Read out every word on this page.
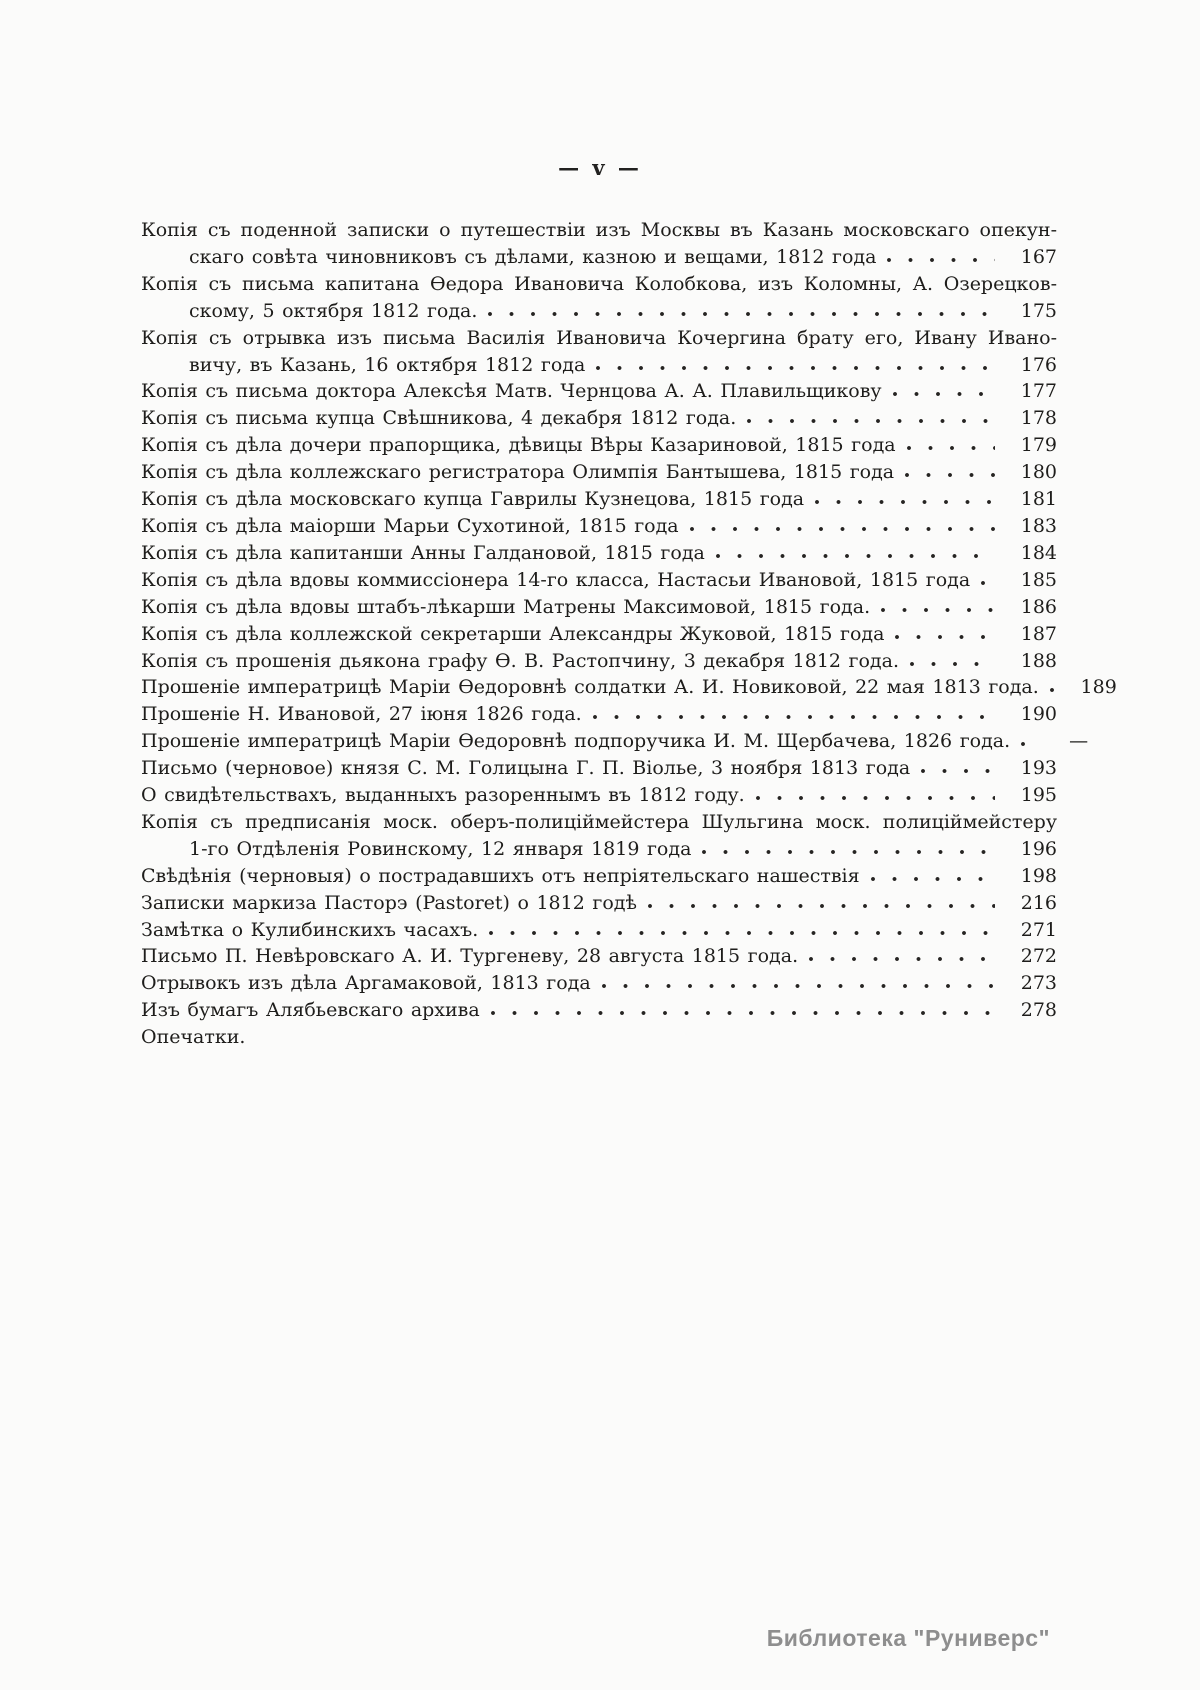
— v —
Копія съ поденной записки о путешествіи изъ Москвы въ Казань московскаго опекун-
скаго совѣта чиновниковъ съ дѣлами, казною и вещами, 1812 года	167
Копія съ письма капитана Ѳедора Ивановича Колобкова, изъ Коломны, А. Озерецков-
скому, 5 октября 1812 года.	175
Копія съ отрывка изъ письма Василія Ивановича Кочергина брату его, Ивану Ивано-
вичу, въ Казань, 16 октября 1812 года	176
Копія съ письма доктора Алексѣя Матв. Чернцова А. А. Плавильщикову	177
Копія съ письма купца Свѣшникова, 4 декабря 1812 года.	178
Копія съ дѣла дочери прапорщика, дѣвицы Вѣры Казариновой, 1815 года	179
Копія съ дѣла коллежскаго регистратора Олимпія Бантышева, 1815 года	180
Копія съ дѣла московскаго купца Гаврилы Кузнецова, 1815 года	181
Копія съ дѣла маіорши Марьи Сухотиной, 1815 года	183
Копія съ дѣла капитанши Анны Галдановой, 1815 года	184
Копія съ дѣла вдовы коммиссіонера 14-го класса, Настасьи Ивановой, 1815 года	185
Копія съ дѣла вдовы штабъ-лѣкарши Матрены Максимовой, 1815 года.	186
Копія съ дѣла коллежской секретарши Александры Жуковой, 1815 года	187
Копія съ прошенія дьякона графу Ѳ. В. Растопчину, 3 декабря 1812 года.	188
Прошеніе императрицѣ Маріи Ѳедоровнѣ солдатки А. И. Новиковой, 22 мая 1813 года.	189
Прошеніе Н. Ивановой, 27 іюня 1826 года.	190
Прошеніе императрицѣ Маріи Ѳедоровнѣ подпоручика И. М. Щербачева, 1826 года.	—
Письмо (черновое) князя С. М. Голицына Г. П. Віолье, 3 ноября 1813 года	193
О свидѣтельствахъ, выданныхъ разореннымъ въ 1812 году.	195
Копія съ предписанія моск. оберъ-полиціймейстера Шульгина моск. полиціймейстеру
1-го Отдѣленія Ровинскому, 12 января 1819 года	196
Свѣдѣнія (черновыя) о пострадавшихъ отъ непріятельскаго нашествія	198
Записки маркиза Пасторэ (Pastoret) о 1812 годѣ	216
Замѣтка о Кулибинскихъ часахъ.	271
Письмо П. Невѣровскаго А. И. Тургеневу, 28 августа 1815 года.	272
Отрывокъ изъ дѣла Аргамаковой, 1813 года	273
Изъ бумагъ Алябьевскаго архива	278
Опечатки.
Библиотека "Руниверс"
